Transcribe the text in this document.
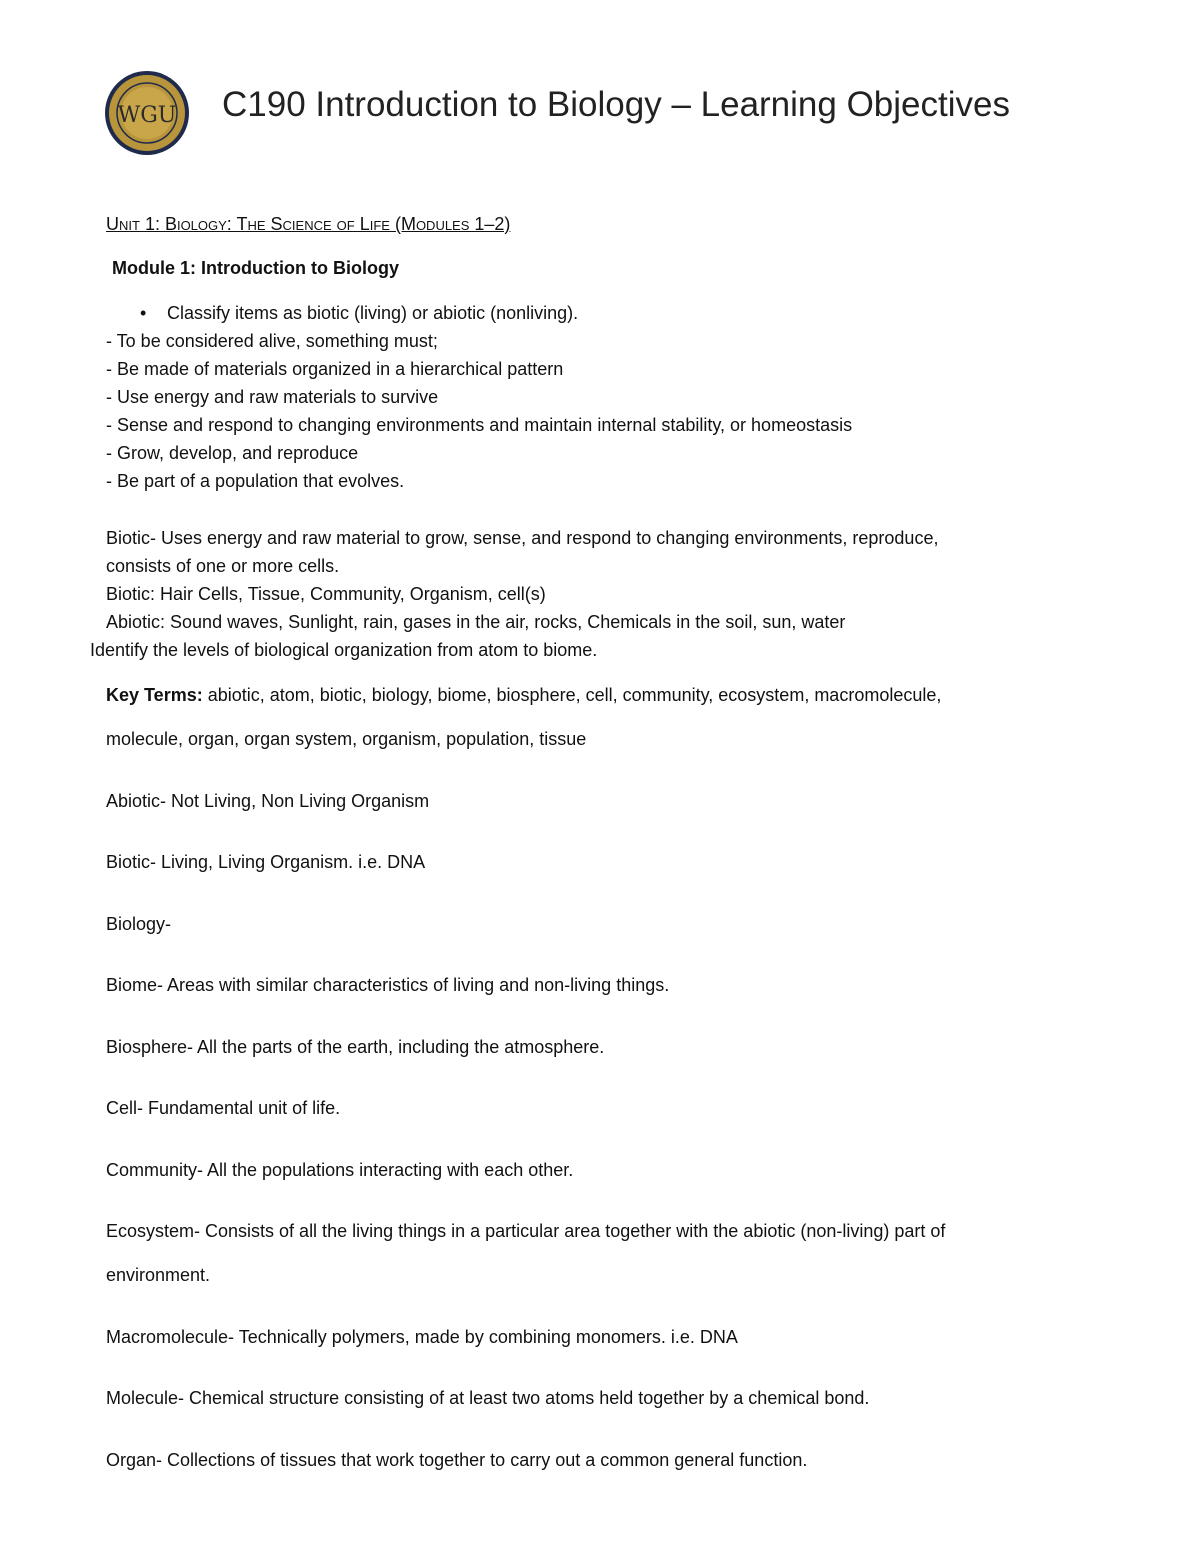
WGU C190 Introduction to Biology – Learning Objectives
Unit 1: Biology: The Science of Life (Modules 1–2)
Module 1: Introduction to Biology
• Classify items as biotic (living) or abiotic (nonliving).
- To be considered alive, something must;
- Be made of materials organized in a hierarchical pattern
- Use energy and raw materials to survive
- Sense and respond to changing environments and maintain internal stability, or homeostasis
- Grow, develop, and reproduce
- Be part of a population that evolves.
Biotic- Uses energy and raw material to grow, sense, and respond to changing environments, reproduce,
consists of one or more cells.
Biotic: Hair Cells, Tissue, Community, Organism, cell(s)
Abiotic: Sound waves, Sunlight, rain, gases in the air, rocks, Chemicals in the soil, sun, water
Identify the levels of biological organization from atom to biome.
Key Terms: abiotic, atom, biotic, biology, biome, biosphere, cell, community, ecosystem, macromolecule,
molecule, organ, organ system, organism, population, tissue
Abiotic- Not Living, Non Living Organism
Biotic- Living, Living Organism. i.e. DNA
Biology-
Biome- Areas with similar characteristics of living and non-living things.
Biosphere- All the parts of the earth, including the atmosphere.
Cell- Fundamental unit of life.
Community- All the populations interacting with each other.
Ecosystem- Consists of all the living things in a particular area together with the abiotic (non-living) part of
environment.
Macromolecule- Technically polymers, made by combining monomers. i.e. DNA
Molecule- Chemical structure consisting of at least two atoms held together by a chemical bond.
Organ- Collections of tissues that work together to carry out a common general function.
